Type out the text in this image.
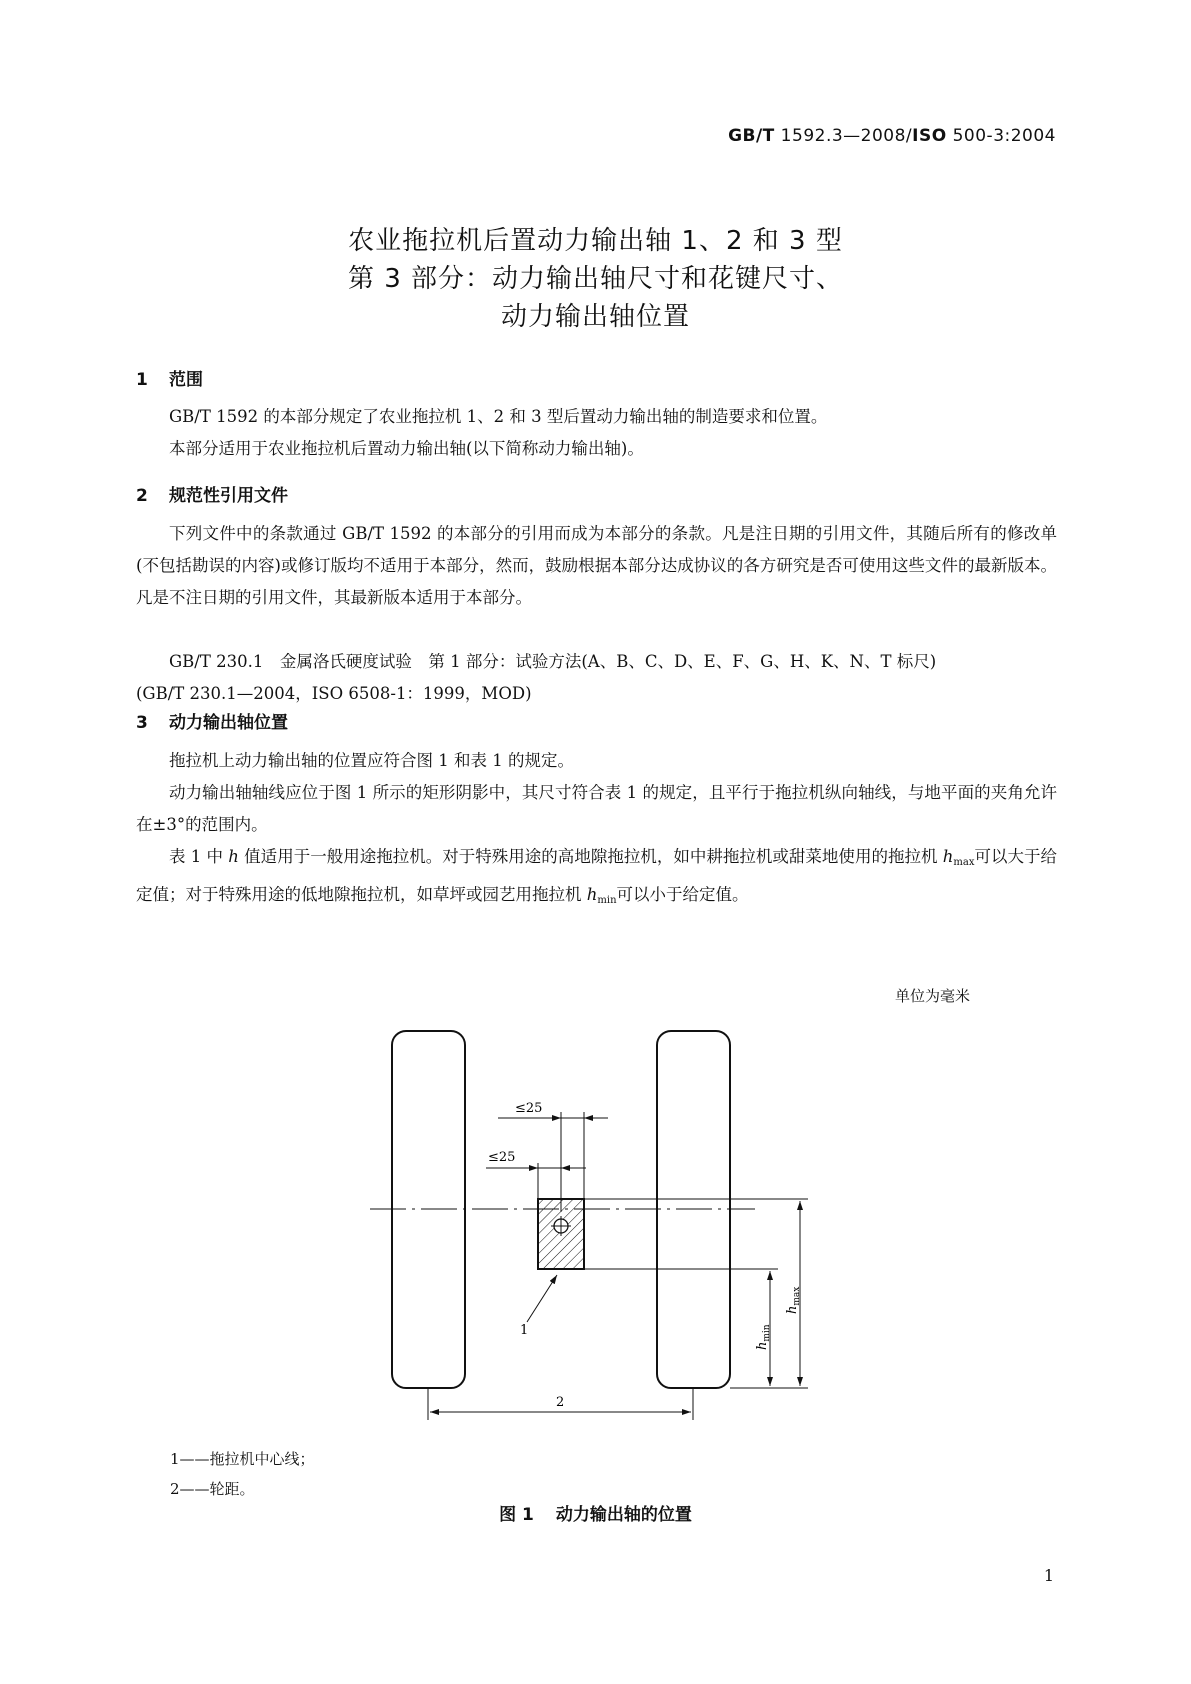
GB/T 1592.3—2008/ISO 500-3:2004
农业拖拉机后置动力输出轴 1、2 和 3 型
第 3 部分：动力输出轴尺寸和花键尺寸、
动力输出轴位置
1 范围
GB/T 1592 的本部分规定了农业拖拉机 1、2 和 3 型后置动力输出轴的制造要求和位置。
本部分适用于农业拖拉机后置动力输出轴(以下简称动力输出轴)。
2 规范性引用文件
下列文件中的条款通过 GB/T 1592 的本部分的引用而成为本部分的条款。凡是注日期的引用文件，其随后所有的修改单(不包括勘误的内容)或修订版均不适用于本部分，然而，鼓励根据本部分达成协议的各方研究是否可使用这些文件的最新版本。凡是不注日期的引用文件，其最新版本适用于本部分。
GB/T 230.1　金属洛氏硬度试验　第 1 部分：试验方法(A、B、C、D、E、F、G、H、K、N、T 标尺)
(GB/T 230.1—2004，ISO 6508-1：1999，MOD)
3 动力输出轴位置
拖拉机上动力输出轴的位置应符合图 1 和表 1 的规定。
动力输出轴轴线应位于图 1 所示的矩形阴影中，其尺寸符合表 1 的规定，且平行于拖拉机纵向轴线，与地平面的夹角允许在±3°的范围内。
表 1 中 h 值适用于一般用途拖拉机。对于特殊用途的高地隙拖拉机，如中耕拖拉机或甜菜地使用的拖拉机 $h_{max}$可以大于给定值；对于特殊用途的低地隙拖拉机，如草坪或园艺用拖拉机 $h_{min}$可以小于给定值。
单位为毫米
≤25
≤25
$h_{min}$
$h_{max}$
2
1
1——拖拉机中心线；
2——轮距。
图 1 动力输出轴的位置
1
